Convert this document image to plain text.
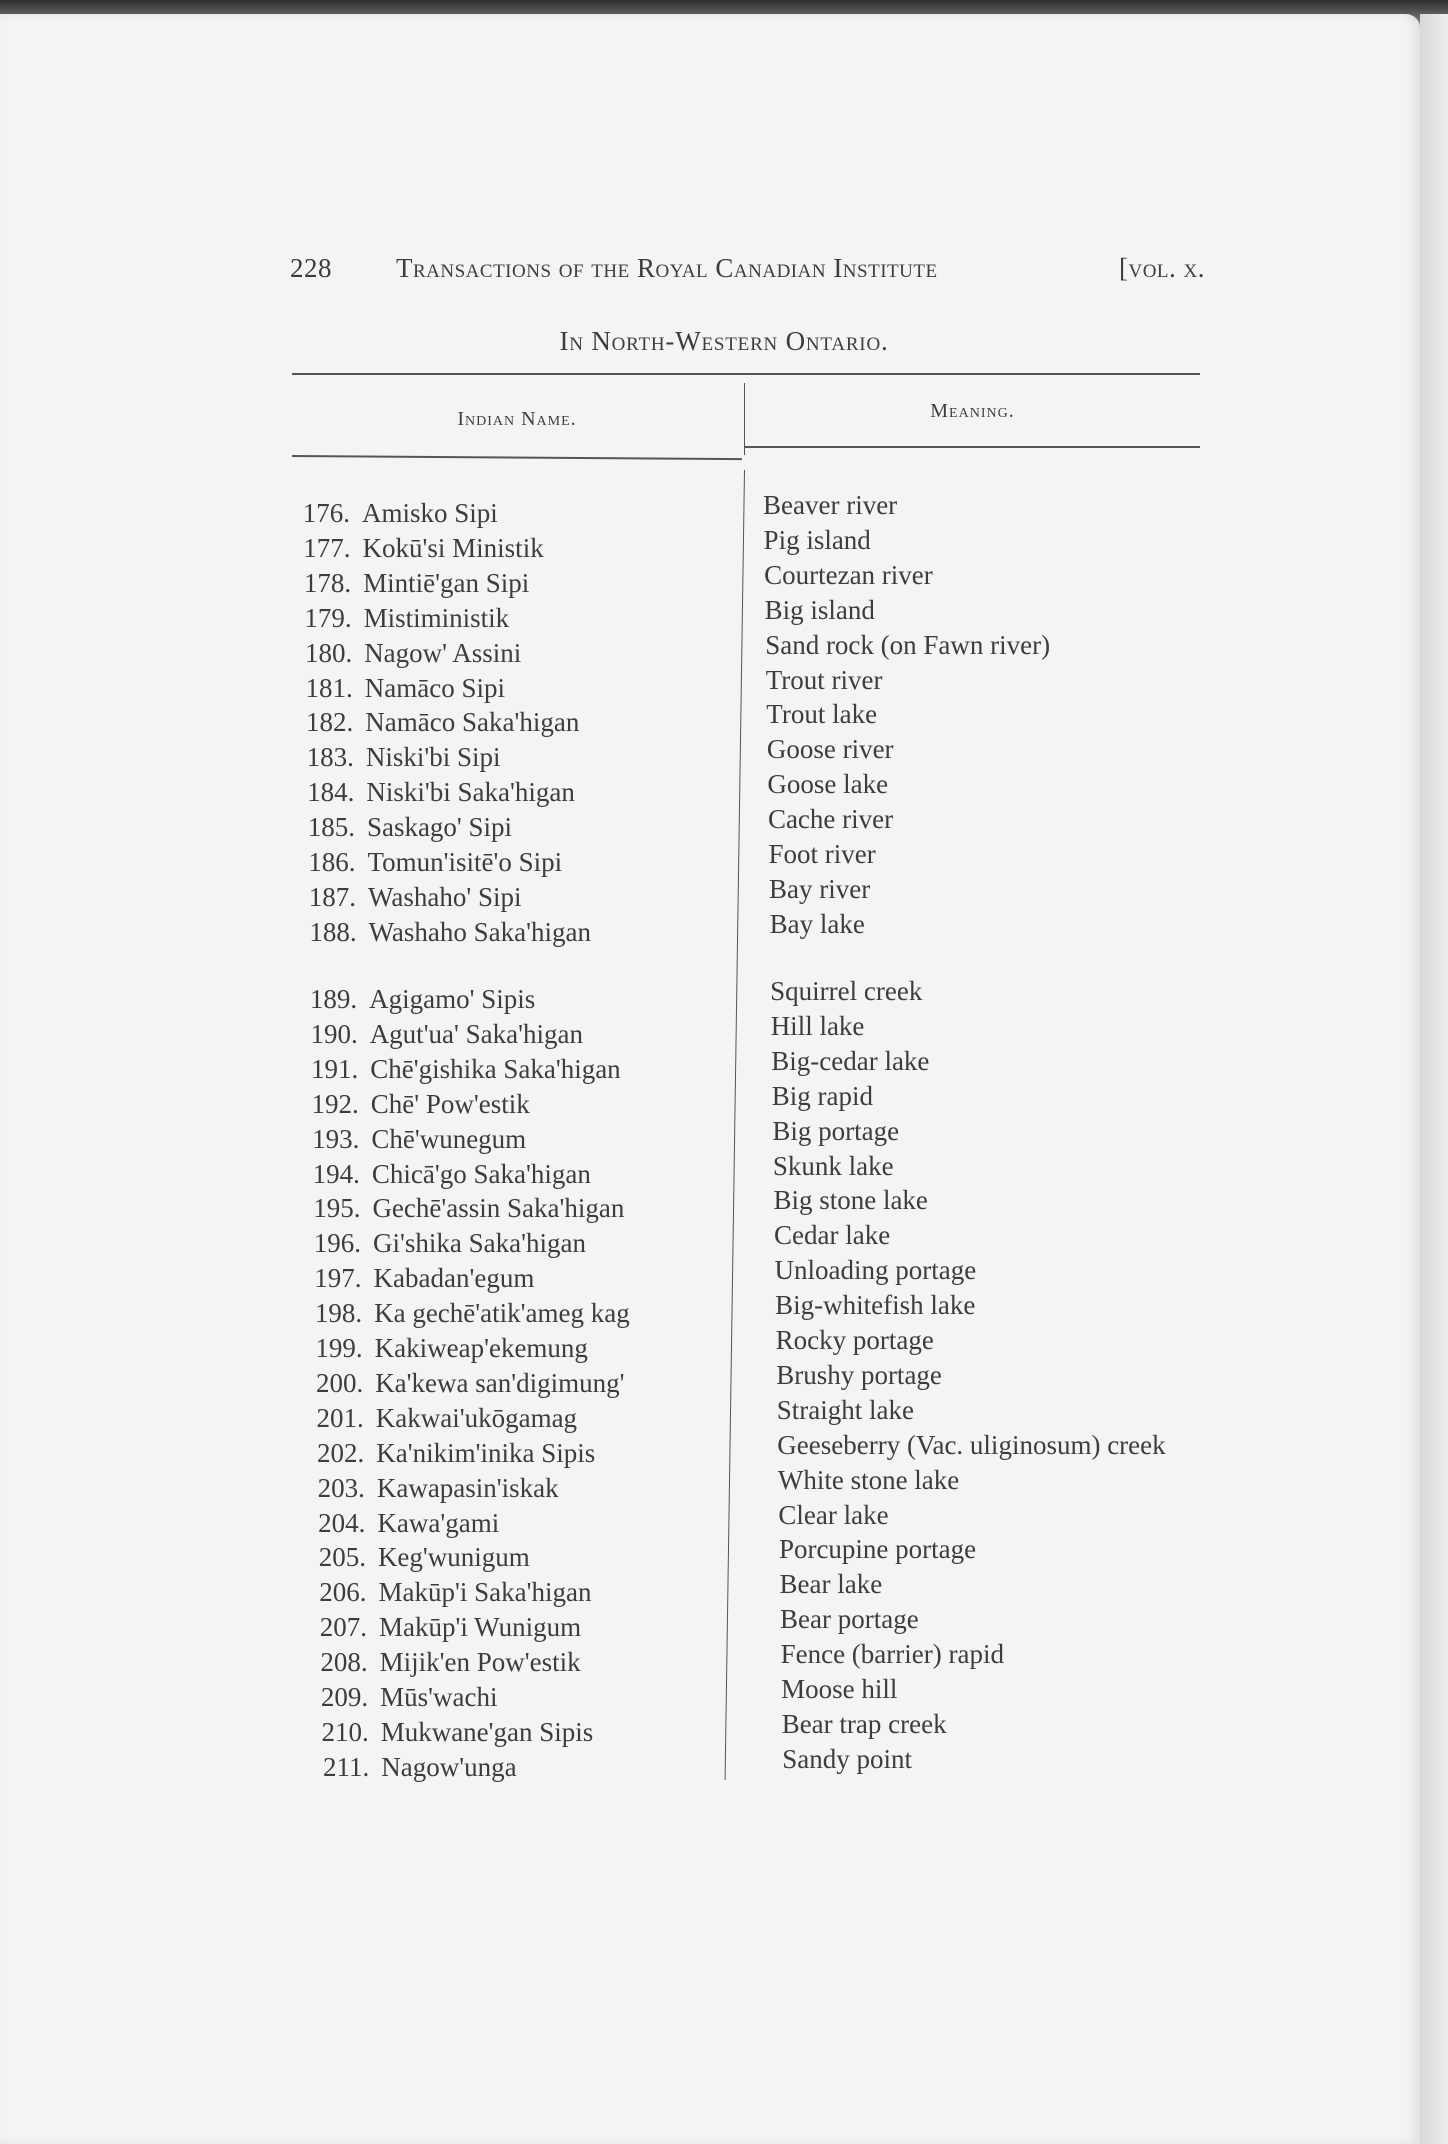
228 Transactions of the Royal Canadian Institute	[vol. x.
In North-Western Ontario.
Indian Name.	Meaning.
176. Amisko Sipi
177. Kokū'si Ministik
178. Mintiē'gan Sipi
179. Mistiministik
180. Nagow' Assini
181. Namāco Sipi
182. Namāco Saka'higan
183. Niski'bi Sipi
184. Niski'bi Saka'higan
185. Saskago' Sipi
186. Tomun'isitē'o Sipi
187. Washaho' Sipi
188. Washaho Saka'higan
189. Agigamo' Sipis
190. Agut'ua' Saka'higan
191. Chē'gishika Saka'higan
192. Chē' Pow'estik
193. Chē'wunegum
194. Chicā'go Saka'higan
195. Gechē'assin Saka'higan
196. Gi'shika Saka'higan
197. Kabadan'egum
198. Ka gechē'atik'ameg kag
199. Kakiweap'ekemung
200. Ka'kewa san'digimung'
201. Kakwai'ukōgamag
202. Ka'nikim'inika Sipis
203. Kawapasin'iskak
204. Kawa'gami
205. Keg'wunigum
206. Makūp'i Saka'higan
207. Makūp'i Wunigum
208. Mijik'en Pow'estik
209. Mūs'wachi
210. Mukwane'gan Sipis
211. Nagow'unga
Beaver river
Pig island
Courtezan river
Big island
Sand rock (on Fawn river)
Trout river
Trout lake
Goose river
Goose lake
Cache river
Foot river
Bay river
Bay lake
Squirrel creek
Hill lake
Big-cedar lake
Big rapid
Big portage
Skunk lake
Big stone lake
Cedar lake
Unloading portage
Big-whitefish lake
Rocky portage
Brushy portage
Straight lake
Geeseberry (Vac. uliginosum) creek
White stone lake
Clear lake
Porcupine portage
Bear lake
Bear portage
Fence (barrier) rapid
Moose hill
Bear trap creek
Sandy point
